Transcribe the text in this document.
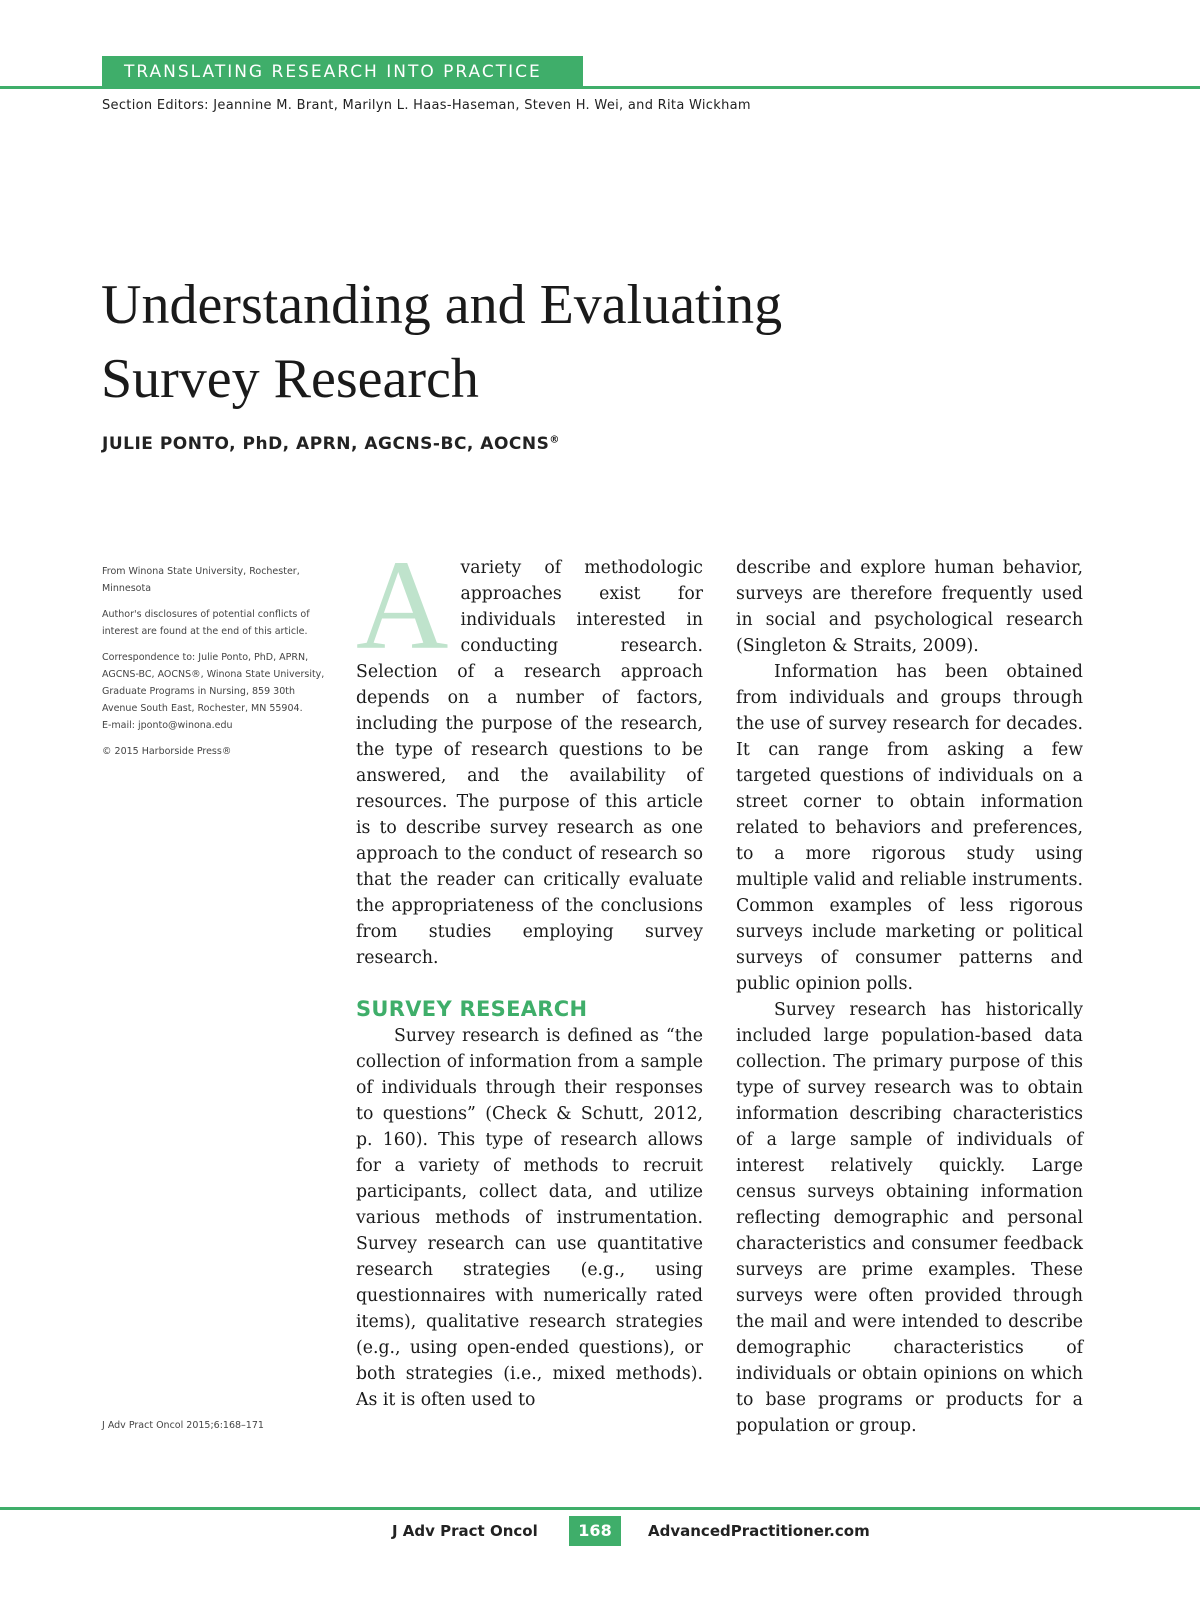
TRANSLATING RESEARCH INTO PRACTICE
Section Editors: Jeannine M. Brant, Marilyn L. Haas-Haseman, Steven H. Wei, and Rita Wickham
Understanding and Evaluating
Survey Research
JULIE PONTO, PhD, APRN, AGCNS-BC, AOCNS®

From Winona State University, Rochester, Minnesota

Author's disclosures of potential conflicts of interest are found at the end of this article.

Correspondence to: Julie Ponto, PhD, APRN, AGCNS-BC, AOCNS®, Winona State University, Graduate Programs in Nursing, 859 30th Avenue South East, Rochester, MN 55904.

E-mail: jponto@winona.edu

© 2015 Harborside Press®

J Adv Pract Oncol 2015;6:168–171

Avariety of methodologic approaches exist for individuals interested in conducting research. Selection of a research approach depends on a number of factors, including the purpose of the research, the type of research questions to be answered, and the availability of resources. The purpose of this article is to describe survey research as one approach to the conduct of research so that the reader can critically evaluate the appropriateness of the conclusions from studies employing survey research.

SURVEY RESEARCH

Survey research is defined as “the collection of information from a sample of individuals through their responses to questions” (Check & Schutt, 2012, p. 160). This type of research allows for a variety of methods to recruit participants, collect data, and utilize various methods of instrumentation. Survey research can use quantitative research strategies (e.g., using questionnaires with numerically rated items), qualitative research strategies (e.g., using open-ended questions), or both strategies (i.e., mixed methods). As it is often used to

describe and explore human behavior, surveys are therefore frequently used in social and psychological research (Singleton & Straits, 2009).

Information has been obtained from individuals and groups through the use of survey research for decades. It can range from asking a few targeted questions of individuals on a street corner to obtain information related to behaviors and preferences, to a more rigorous study using multiple valid and reliable instruments. Common examples of less rigorous surveys include marketing or political surveys of consumer patterns and public opinion polls.

Survey research has historically included large population-based data collection. The primary purpose of this type of survey research was to obtain information describing characteristics of a large sample of individuals of interest relatively quickly. Large census surveys obtaining information reflecting demographic and personal characteristics and consumer feedback surveys are prime examples. These surveys were often provided through the mail and were intended to describe demographic characteristics of individuals or obtain opinions on which to base programs or products for a population or group.

J Adv Pract Oncol	168	AdvancedPractitioner.com
